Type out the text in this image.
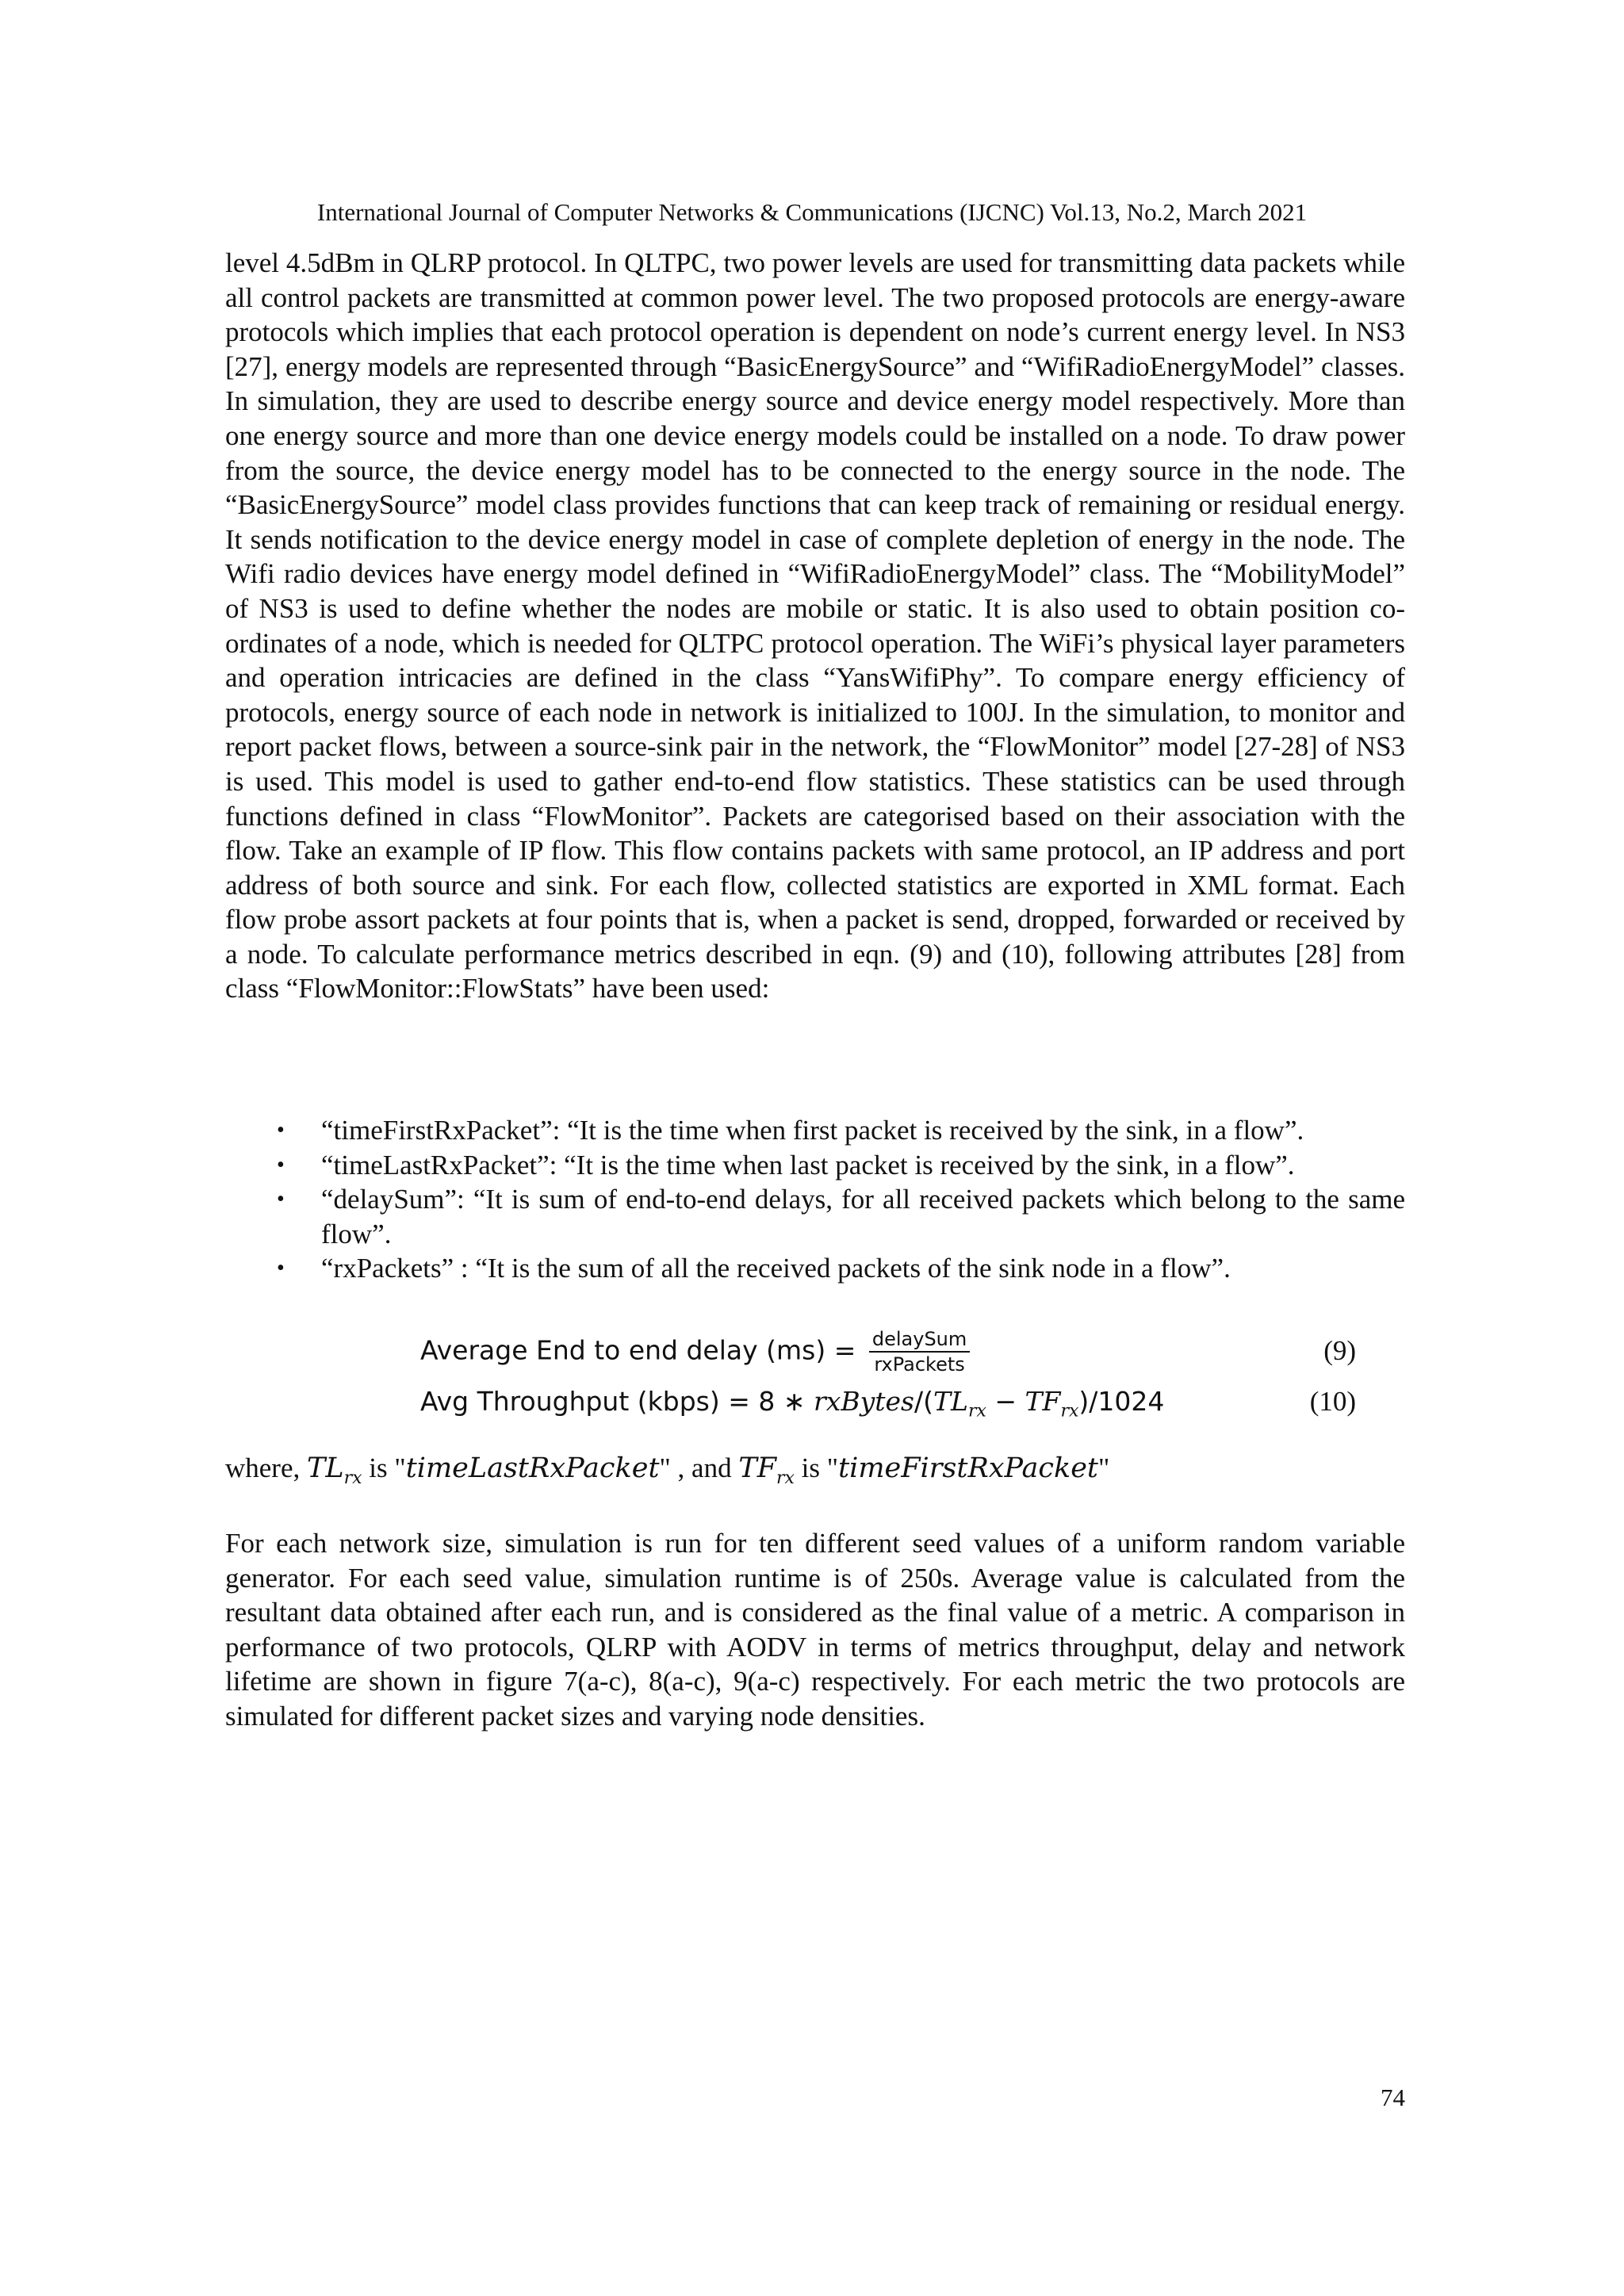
International Journal of Computer Networks & Communications (IJCNC) Vol.13, No.2, March 2021
level 4.5dBm in QLRP protocol. In QLTPC, two power levels are used for transmitting data packets while all control packets are transmitted at common power level. The two proposed protocols are energy-aware protocols which implies that each protocol operation is dependent on node’s current energy level. In NS3 [27], energy models are represented through “BasicEnergySource” and “WifiRadioEnergyModel” classes. In simulation, they are used to describe energy source and device energy model respectively. More than one energy source and more than one device energy models could be installed on a node. To draw power from the source, the device energy model has to be connected to the energy source in the node. The “BasicEnergySource” model class provides functions that can keep track of remaining or residual energy. It sends notification to the device energy model in case of complete depletion of energy in the node. The Wifi radio devices have energy model defined in “WifiRadioEnergyModel” class. The “MobilityModel” of NS3 is used to define whether the nodes are mobile or static. It is also used to obtain position co-ordinates of a node, which is needed for QLTPC protocol operation. The WiFi’s physical layer parameters and operation intricacies are defined in the class “YansWifiPhy”. To compare energy efficiency of protocols, energy source of each node in network is initialized to 100J. In the simulation, to monitor and report packet flows, between a source-sink pair in the network, the “FlowMonitor” model [27-28] of NS3 is used. This model is used to gather end-to-end flow statistics. These statistics can be used through functions defined in class “FlowMonitor”. Packets are categorised based on their association with the flow. Take an example of IP flow. This flow contains packets with same protocol, an IP address and port address of both source and sink. For each flow, collected statistics are exported in XML format. Each flow probe assort packets at four points that is, when a packet is send, dropped, forwarded or received by a node. To calculate performance metrics described in eqn. (9) and (10), following attributes [28] from class “FlowMonitor::FlowStats” have been used:
• “timeFirstRxPacket”: “It is the time when first packet is received by the sink, in a flow”.
• “timeLastRxPacket”: “It is the time when last packet is received by the sink, in a flow”.
• “delaySum”: “It is sum of end-to-end delays, for all received packets which belong to the same flow”.
• “rxPackets” : “It is the sum of all the received packets of the sink node in a flow”.
Average End to end delay $(ms) = \frac{\text{delaySum}}{\text{rxPackets}}$	(9)
Avg Throughput (kbps) = 8 ∗ rxBytes/$(TL_{rx} - TF_{rx})/1024$	(10)
where, $TL_{rx}$ is "timeLastRxPacket" , and $TF_{rx}$ is "timeFirstRxPacket"
For each network size, simulation is run for ten different seed values of a uniform random variable generator. For each seed value, simulation runtime is of 250s. Average value is calculated from the resultant data obtained after each run, and is considered as the final value of a metric. A comparison in performance of two protocols, QLRP with AODV in terms of metrics throughput, delay and network lifetime are shown in figure 7(a-c), 8(a-c), 9(a-c) respectively. For each metric the two protocols are simulated for different packet sizes and varying node densities.
74
